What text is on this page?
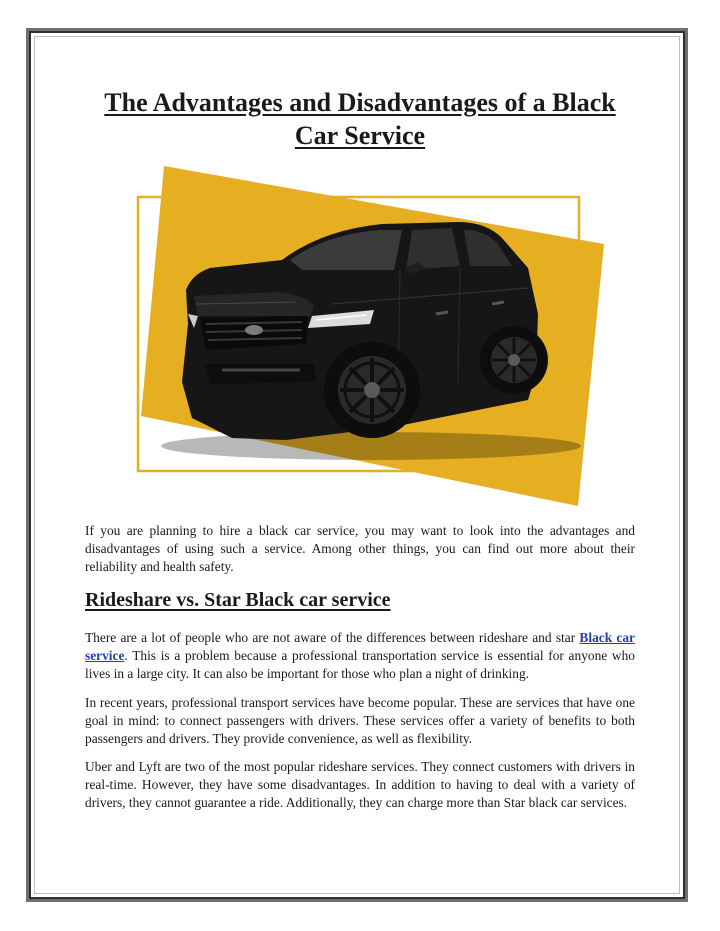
The Advantages and Disadvantages of a Black Car Service

If you are planning to hire a black car service, you may want to look into the advantages and disadvantages of using such a service. Among other things, you can find out more about their reliability and health safety.

Rideshare vs. Star Black car service

There are a lot of people who are not aware of the differences between rideshare and star Black car service. This is a problem because a professional transportation service is essential for anyone who lives in a large city. It can also be important for those who plan a night of drinking.

In recent years, professional transport services have become popular. These are services that have one goal in mind: to connect passengers with drivers. These services offer a variety of benefits to both passengers and drivers. They provide convenience, as well as flexibility.

Uber and Lyft are two of the most popular rideshare services. They connect customers with drivers in real-time. However, they have some disadvantages. In addition to having to deal with a variety of drivers, they cannot guarantee a ride. Additionally, they can charge more than Star black car services.
